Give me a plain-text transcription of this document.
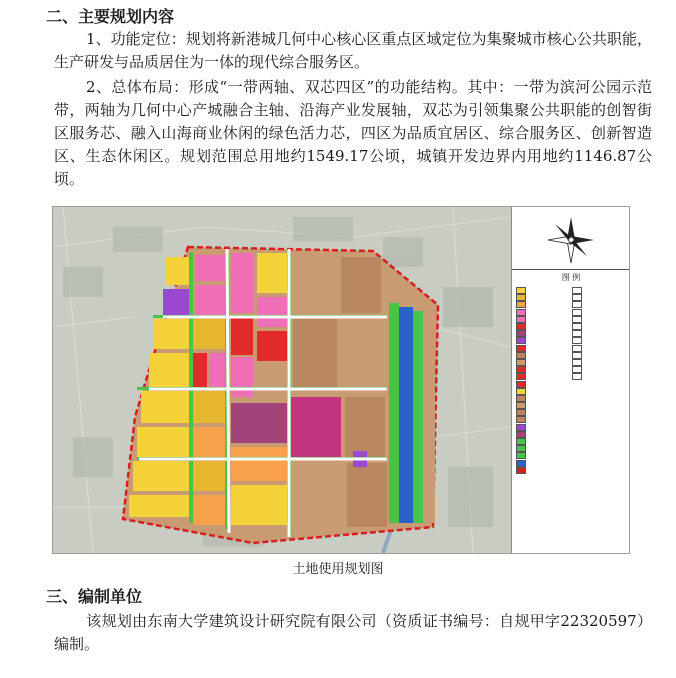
二、主要规划内容
1、功能定位：规划将新港城几何中心核心区重点区域定位为集聚城市核心公共职能，生产研发与品质居住为一体的现代综合服务区。
2、总体布局：形成“一带两轴、双芯四区”的功能结构。其中：一带为滨河公园示范带，两轴为几何中心产城融合主轴、沿海产业发展轴，双芯为引领集聚公共职能的创智街区服务芯、融入山海商业休闲的绿色活力芯，四区为品质宜居区、综合服务区、创新智造区、生态休闲区。规划范围总用地约1549.17公顷，城镇开发边界内用地约1146.87公顷。
图 例
土地使用规划图
三、编制单位
该规划由东南大学建筑设计研究院有限公司（资质证书编号：自规甲字22320597）编制。
